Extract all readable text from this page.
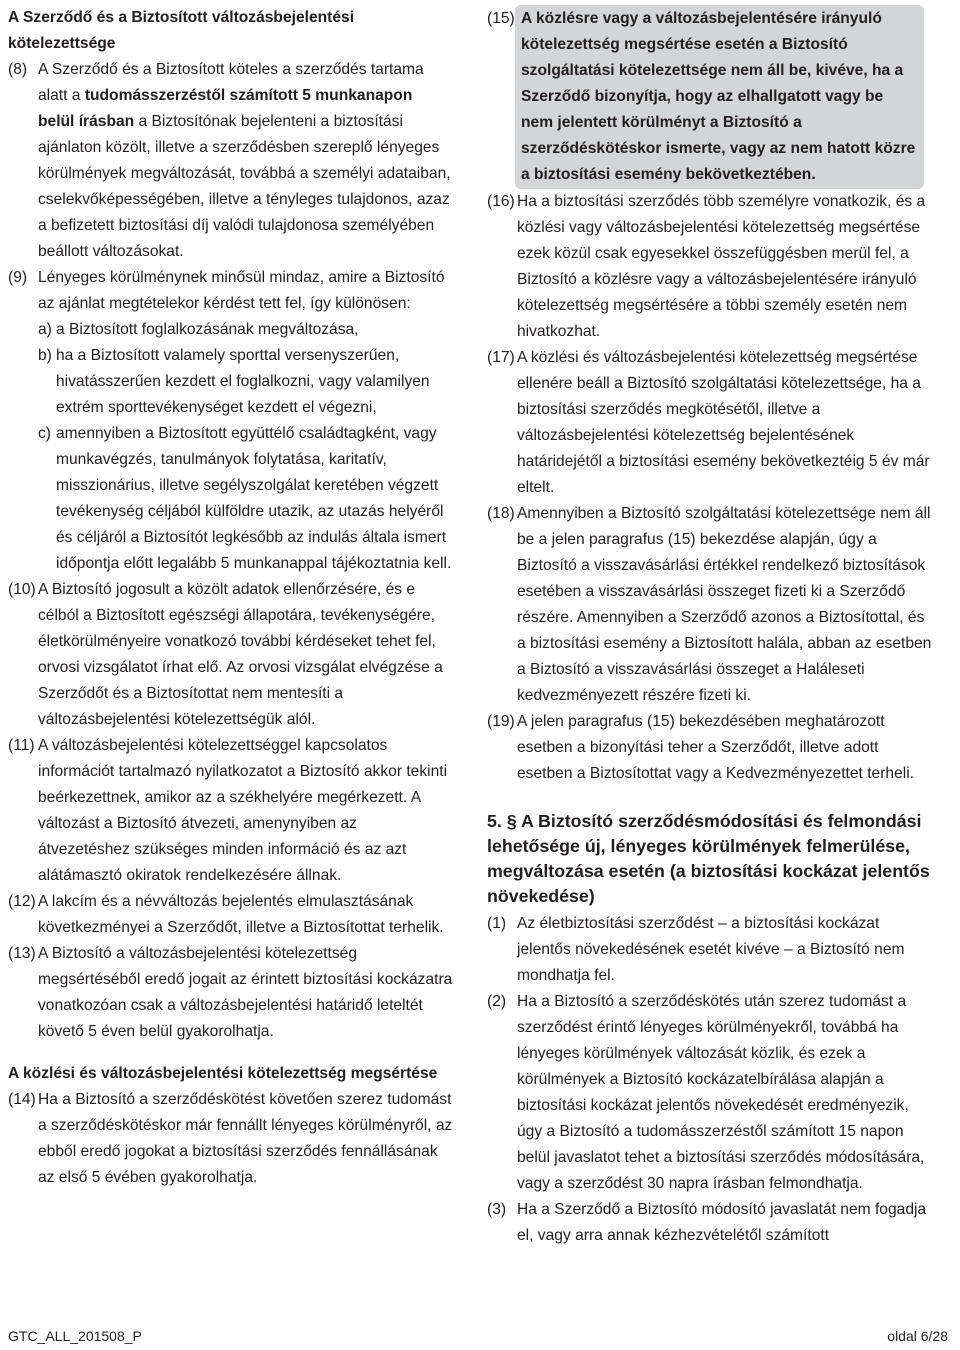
A Szerződő és a Biztosított változásbejelentési kötelezettsége

(8) A Szerződő és a Biztosított köteles a szerződés tartama alatt a tudomásszerzéstől számított 5 munkanapon belül írásban a Biztosítónak bejelenteni a biztosítási ajánlaton közölt, illetve a szerződésben szereplő lényeges körülmények megváltozását, továbbá a személyi adataiban, cselekvőképességében, illetve a tényleges tulajdonos, azaz a befizetett biztosítási díj valódi tulajdonosa személyében beállott változásokat.
(9) Lényeges körülménynek minősül mindaz, amire a Biztosító az ajánlat megtételekor kérdést tett fel, így különösen:
a) a Biztosított foglalkozásának megváltozása,
b) ha a Biztosított valamely sporttal versenyszerűen, hivatásszerűen kezdett el foglalkozni, vagy valamilyen extrém sporttevékenységet kezdett el végezni,
c) amennyiben a Biztosított együttélő családtagként, vagy munkavégzés, tanulmányok folytatása, karitatív, misszionárius, illetve segélyszolgálat keretében végzett tevékenység céljából külföldre utazik, az utazás helyéről és céljáról a Biztosítót legkésőbb az indulás általa ismert időpontja előtt legalább 5 munkanappal tájékoztatnia kell.
(10) A Biztosító jogosult a közölt adatok ellenőrzésére, és e célból a Biztosított egészségi állapotára, tevékenységére, életkörülményeire vonatkozó további kérdéseket tehet fel, orvosi vizsgálatot írhat elő. Az orvosi vizsgálat elvégzése a Szerződőt és a Biztosítottat nem mentesíti a változásbejelentési kötelezettségük alól.
(11) A változásbejelentési kötelezettséggel kapcsolatos információt tartalmazó nyilatkozatot a Biztosító akkor tekinti beérkezettnek, amikor az a székhelyére megérkezett. A változást a Biztosító átvezeti, amenynyiben az átvezetéshez szükséges minden információ és az azt alátámasztó okiratok rendelkezésére állnak.
(12) A lakcím és a névváltozás bejelentés elmulasztásának következményei a Szerződőt, illetve a Biztosítottat terhelik.
(13) A Biztosító a változásbejelentési kötelezettség megsértéséből eredő jogait az érintett biztosítási kockázatra vonatkozóan csak a változásbejelentési határidő leteltét követő 5 éven belül gyakorolhatja.

A közlési és változásbejelentési kötelezettség megsértése

(14) Ha a Biztosító a szerződéskötést követően szerez tudomást a szerződéskötéskor már fennállt lényeges körülményről, az ebből eredő jogokat a biztosítási szerződés fennállásának az első 5 évében gyakorolhatja.
(15) A közlésre vagy a változásbejelentésére irányuló kötelezettség megsértése esetén a Biztosító szolgáltatási kötelezettsége nem áll be, kivéve, ha a Szerződő bizonyítja, hogy az elhallgatott vagy be nem jelentett körülményt a Biztosító a szerződéskötéskor ismerte, vagy az nem hatott közre a biztosítási esemény bekövetkeztében.
(16) Ha a biztosítási szerződés több személyre vonatkozik, és a közlési vagy változásbejelentési kötelezettség megsértése ezek közül csak egyesekkel összefüggésben merül fel, a Biztosító a közlésre vagy a változásbejelentésére irányuló kötelezettség megsértésére a többi személy esetén nem hivatkozhat.
(17) A közlési és változásbejelentési kötelezettség megsértése ellenére beáll a Biztosító szolgáltatási kötelezettsége, ha a biztosítási szerződés megkötésétől, illetve a változásbejelentési kötelezettség bejelentésének határidejétől a biztosítási esemény bekövetkeztéig 5 év már eltelt.
(18) Amennyiben a Biztosító szolgáltatási kötelezettsége nem áll be a jelen paragrafus (15) bekezdése alapján, úgy a Biztosító a visszavásárlási értékkel rendelkező biztosítások esetében a visszavásárlási összeget fizeti ki a Szerződő részére. Amennyiben a Szerződő azonos a Biztosítottal, és a biztosítási esemény a Biztosított halála, abban az esetben a Biztosító a visszavásárlási összeget a Haláleseti kedvezményezett részére fizeti ki.
(19) A jelen paragrafus (15) bekezdésében meghatározott esetben a bizonyítási teher a Szerződőt, illetve adott esetben a Biztosítottat vagy a Kedvezményezettet terheli.

5. § A Biztosító szerződésmódosítási és felmondási lehetősége új, lényeges körülmények felmerülése, megváltozása esetén (a biztosítási kockázat jelentős növekedése)

(1) Az életbiztosítási szerződést – a biztosítási kockázat jelentős növekedésének esetét kivéve – a Biztosító nem mondhatja fel.
(2) Ha a Biztosító a szerződéskötés után szerez tudomást a szerződést érintő lényeges körülményekről, továbbá ha lényeges körülmények változását közlik, és ezek a körülmények a Biztosító kockázatelbírálása alapján a biztosítási kockázat jelentős növekedését eredményezik, úgy a Biztosító a tudomásszerzéstől számított 15 napon belül javaslatot tehet a biztosítási szerződés módosítására, vagy a szerződést 30 napra írásban felmondhatja.
(3) Ha a Szerződő a Biztosító módosító javaslatát nem fogadja el, vagy arra annak kézhezvételétől számított
GTC_ALL_201508_P	oldal 6/28
